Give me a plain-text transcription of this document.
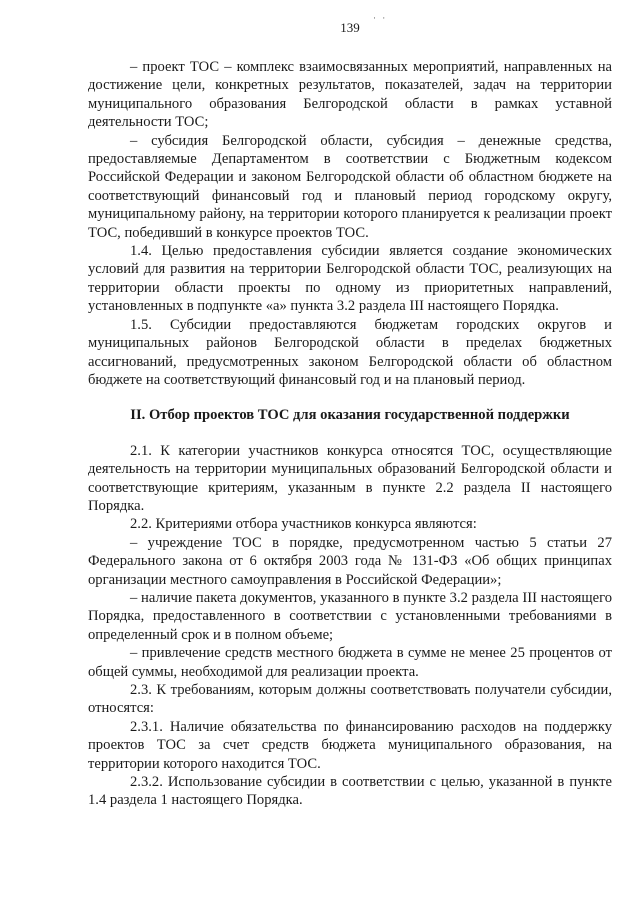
· ·
139

– проект ТОС – комплекс взаимосвязанных мероприятий, направленных на достижение цели, конкретных результатов, показателей, задач на территории муниципального образования Белгородской области в рамках уставной деятельности ТОС;

– субсидия Белгородской области, субсидия – денежные средства, предоставляемые Департаментом в соответствии с Бюджетным кодексом Российской Федерации и законом Белгородской области об областном бюджете на соответствующий финансовый год и плановый период городскому округу, муниципальному району, на территории которого планируется к реализации проект ТОС, победивший в конкурсе проектов ТОС.

1.4. Целью предоставления субсидии является создание экономических условий для развития на территории Белгородской области ТОС, реализующих на территории области проекты по одному из приоритетных направлений, установленных в подпункте «а» пункта 3.2 раздела III настоящего Порядка.

1.5. Субсидии предоставляются бюджетам городских округов и муниципальных районов Белгородской области в пределах бюджетных ассигнований, предусмотренных законом Белгородской области об областном бюджете на соответствующий финансовый год и на плановый период.

II. Отбор проектов ТОС для оказания государственной поддержки

2.1. К категории участников конкурса относятся ТОС, осуществляющие деятельность на территории муниципальных образований Белгородской области и соответствующие критериям, указанным в пункте 2.2 раздела II настоящего Порядка.

2.2. Критериями отбора участников конкурса являются:

– учреждение ТОС в порядке, предусмотренном частью 5 статьи 27 Федерального закона от 6 октября 2003 года № 131-ФЗ «Об общих принципах организации местного самоуправления в Российской Федерации»;

– наличие пакета документов, указанного в пункте 3.2 раздела III настоящего Порядка, предоставленного в соответствии с установленными требованиями в определенный срок и в полном объеме;

– привлечение средств местного бюджета в сумме не менее 25 процентов от общей суммы, необходимой для реализации проекта.

2.3. К требованиям, которым должны соответствовать получатели субсидии, относятся:

2.3.1. Наличие обязательства по финансированию расходов на поддержку проектов ТОС за счет средств бюджета муниципального образования, на территории которого находится ТОС.

2.3.2. Использование субсидии в соответствии с целью, указанной в пункте 1.4 раздела 1 настоящего Порядка.
